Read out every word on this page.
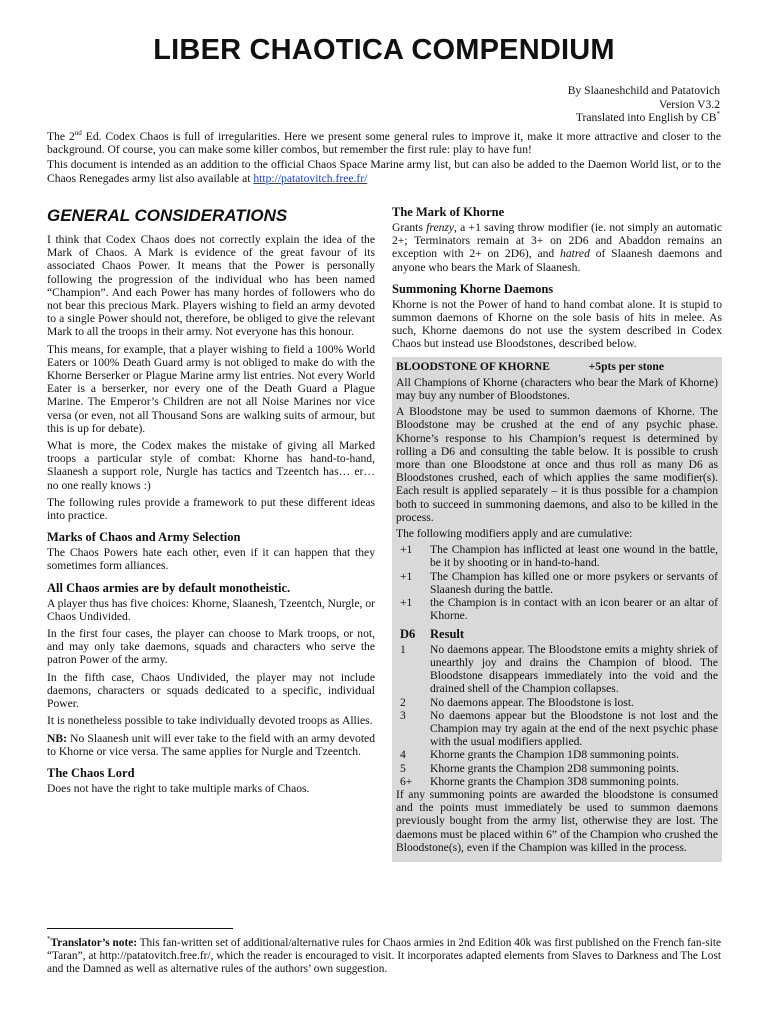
LIBER CHAOTICA COMPENDIUM
By Slaaneshchild and Patatovich
Version V3.2
Translated into English by CB*

The 2nd Ed. Codex Chaos is full of irregularities. Here we present some general rules to improve it, make it more attractive and closer to the background. Of course, you can make some killer combos, but remember the first rule: play to have fun!

This document is intended as an addition to the official Chaos Space Marine army list, but can also be added to the Daemon World list, or to the Chaos Renegades army list also available at http://patatovitch.free.fr/

GENERAL CONSIDERATIONS

I think that Codex Chaos does not correctly explain the idea of the Mark of Chaos. A Mark is evidence of the great favour of its associated Chaos Power. It means that the Power is personally following the progression of the individual who has been named “Champion”. And each Power has many hordes of followers who do not bear this precious Mark. Players wishing to field an army devoted to a single Power should not, therefore, be obliged to give the relevant Mark to all the troops in their army. Not everyone has this honour.

This means, for example, that a player wishing to field a 100% World Eaters or 100% Death Guard army is not obliged to make do with the Khorne Berserker or Plague Marine army list entries. Not every World Eater is a berserker, nor every one of the Death Guard a Plague Marine. The Emperor’s Children are not all Noise Marines nor vice versa (or even, not all Thousand Sons are walking suits of armour, but this is up for debate).

What is more, the Codex makes the mistake of giving all Marked troops a particular style of combat: Khorne has hand-to-hand, Slaanesh a support role, Nurgle has tactics and Tzeentch has… er… no one really knows :)

The following rules provide a framework to put these different ideas into practice.

Marks of Chaos and Army Selection

The Chaos Powers hate each other, even if it can happen that they sometimes form alliances.

All Chaos armies are by default monotheistic.

A player thus has five choices: Khorne, Slaanesh, Tzeentch, Nurgle, or Chaos Undivided.

In the first four cases, the player can choose to Mark troops, or not, and may only take daemons, squads and characters who serve the patron Power of the army.

In the fifth case, Chaos Undivided, the player may not include daemons, characters or squads dedicated to a specific, individual Power.

It is nonetheless possible to take individually devoted troops as Allies.

NB: No Slaanesh unit will ever take to the field with an army devoted to Khorne or vice versa. The same applies for Nurgle and Tzeentch.

The Chaos Lord

Does not have the right to take multiple marks of Chaos.

The Mark of Khorne

Grants frenzy, a +1 saving throw modifier (ie. not simply an automatic 2+; Terminators remain at 3+ on 2D6 and Abaddon remains an exception with 2+ on 2D6), and hatred of Slaanesh daemons and anyone who bears the Mark of Slaanesh.

Summoning Khorne Daemons

Khorne is not the Power of hand to hand combat alone. It is stupid to summon daemons of Khorne on the sole basis of hits in melee. As such, Khorne daemons do not use the system described in Codex Chaos but instead use Bloodstones, described below.

BLOODSTONE OF KHORNE	+5pts per stone

All Champions of Khorne (characters who bear the Mark of Khorne) may buy any number of Bloodstones.

A Bloodstone may be used to summon daemons of Khorne. The Bloodstone may be crushed at the end of any psychic phase. Khorne’s response to his Champion’s request is determined by rolling a D6 and consulting the table below. It is possible to crush more than one Bloodstone at once and thus roll as many D6 as Bloodstones crushed, each of which applies the same modifier(s). Each result is applied separately – it is thus possible for a champion both to succeed in summoning daemons, and also to be killed in the process.

The following modifiers apply and are cumulative:

+1	The Champion has inflicted at least one wound in the battle, be it by shooting or in hand-to-hand.
+1	The Champion has killed one or more psykers or servants of Slaanesh during the battle.
+1	the Champion is in contact with an icon bearer or an altar of Khorne.
D6	Result
1	No daemons appear. The Bloodstone emits a mighty shriek of unearthly joy and drains the Champion of blood. The Bloodstone disappears immediately into the void and the drained shell of the Champion collapses.
2	No daemons appear. The Bloodstone is lost.
3	No daemons appear but the Bloodstone is not lost and the Champion may try again at the end of the next psychic phase with the usual modifiers applied.
4	Khorne grants the Champion 1D8 summoning points.
5	Khorne grants the Champion 2D8 summoning points.
6+	Khorne grants the Champion 3D8 summoning points.

If any summoning points are awarded the bloodstone is consumed and the points must immediately be used to summon daemons previously bought from the army list, otherwise they are lost. The daemons must be placed within 6” of the Champion who crushed the Bloodstone(s), even if the Champion was killed in the process.

*Translator’s note: This fan-written set of additional/alternative rules for Chaos armies in 2nd Edition 40k was first published on the French fan-site “Taran”, at http://patatovitch.free.fr/, which the reader is encouraged to visit. It incorporates adapted elements from Slaves to Darkness and The Lost and the Damned as well as alternative rules of the authors’ own suggestion.
